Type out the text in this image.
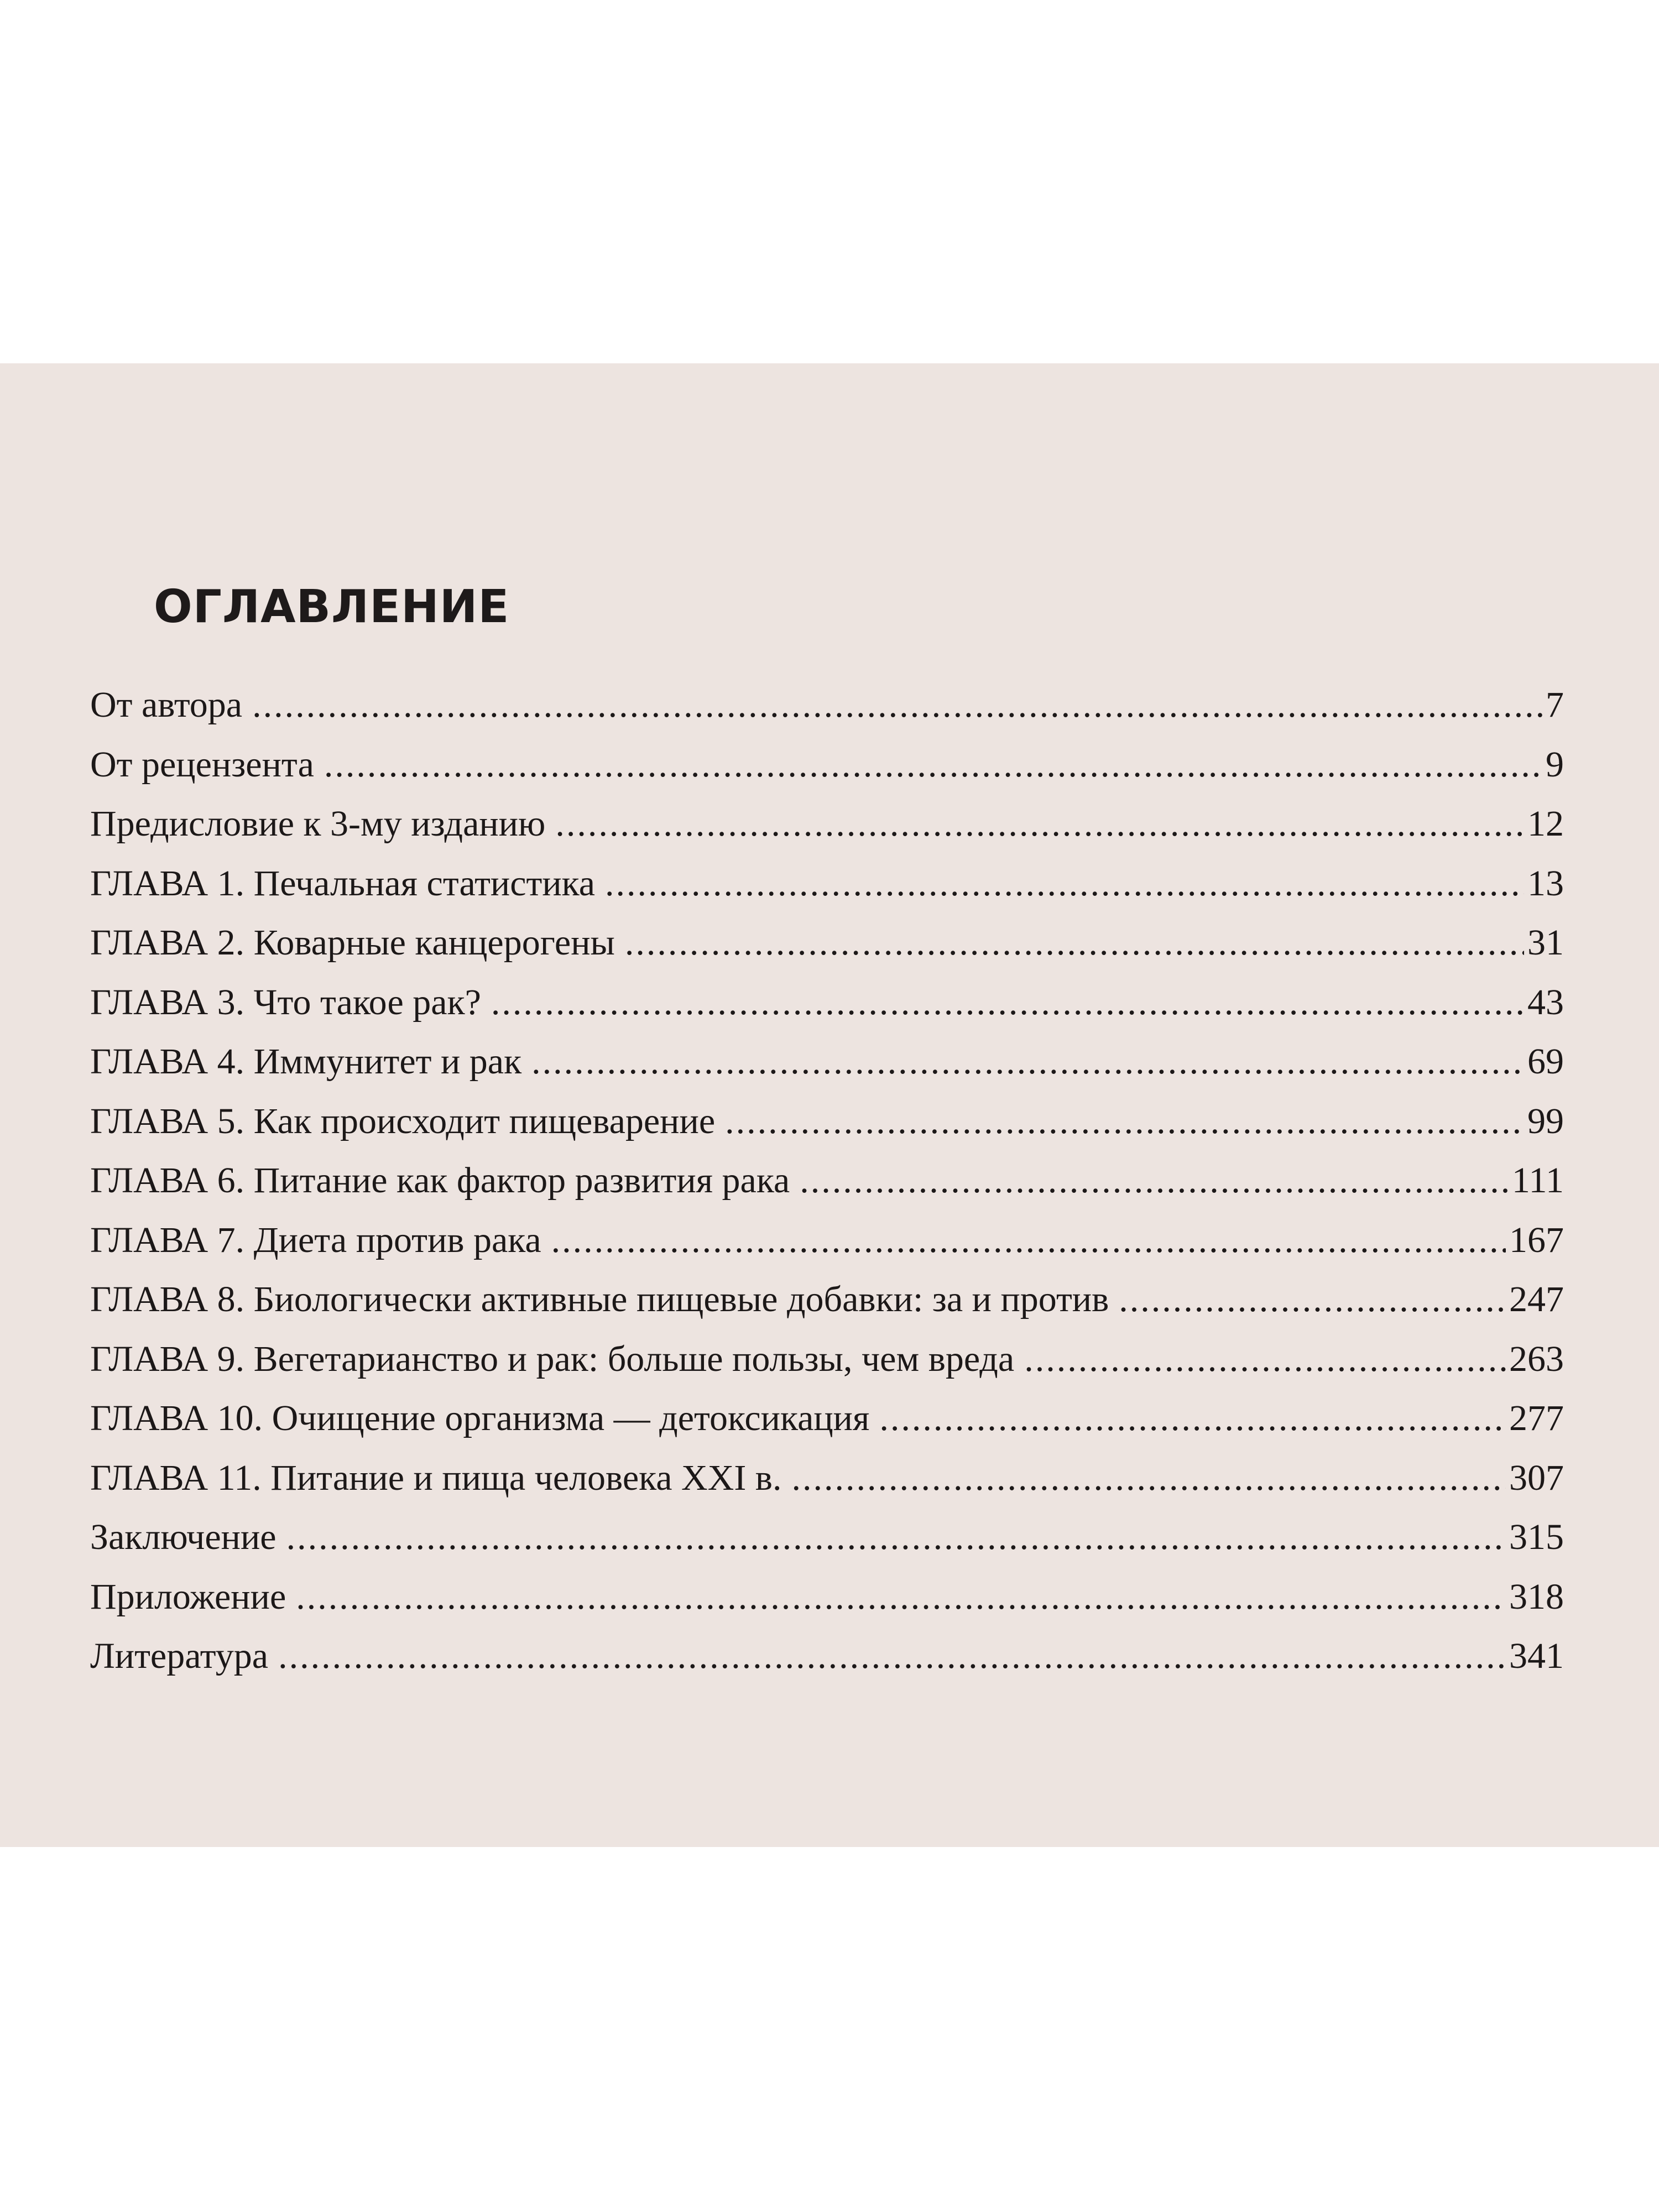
ОГЛАВЛЕНИЕ
От автора .....	7
От рецензента .....	9
Предисловие к 3-му изданию .....	12
ГЛАВА 1. Печальная статистика .....	13
ГЛАВА 2. Коварные канцерогены .....	31
ГЛАВА 3. Что такое рак? .....	43
ГЛАВА 4. Иммунитет и рак .....	69
ГЛАВА 5. Как происходит пищеварение .....	99
ГЛАВА 6. Питание как фактор развития рака .....	111
ГЛАВА 7. Диета против рака .....	167
ГЛАВА 8. Биологически активные пищевые добавки: за и против .....	247
ГЛАВА 9. Вегетарианство и рак: больше пользы, чем вреда .....	263
ГЛАВА 10. Очищение организма — детоксикация .....	277
ГЛАВА 11. Питание и пища человека XXI в. .....	307
Заключение .....	315
Приложение .....	318
Литература .....	341
